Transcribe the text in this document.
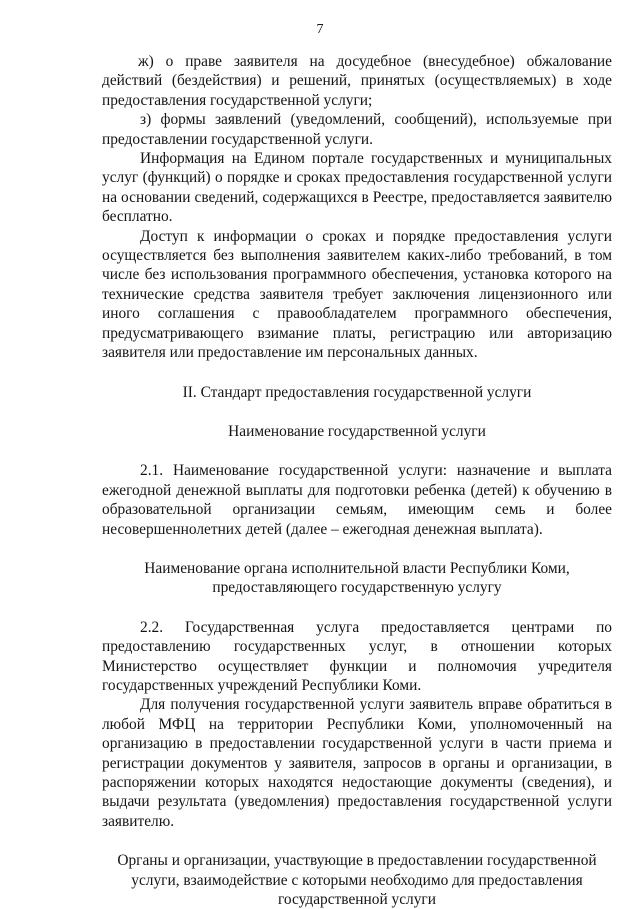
7

ж) о праве заявителя на досудебное (внесудебное) обжалование действий (бездействия) и решений, принятых (осуществляемых) в ходе предоставления государственной услуги;

з) формы заявлений (уведомлений, сообщений), используемые при предоставлении государственной услуги.

Информация на Едином портале государственных и муниципальных услуг (функций) о порядке и сроках предоставления государственной услуги на основании сведений, содержащихся в Реестре, предоставляется заявителю бесплатно.

Доступ к информации о сроках и порядке предоставления услуги осуществляется без выполнения заявителем каких-либо требований, в том числе без использования программного обеспечения, установка которого на технические средства заявителя требует заключения лицензионного или иного соглашения с правообладателем программного обеспечения, предусматривающего взимание платы, регистрацию или авторизацию заявителя или предоставление им персональных данных.

II. Стандарт предоставления государственной услуги

Наименование государственной услуги

2.1. Наименование государственной услуги: назначение и выплата ежегодной денежной выплаты для подготовки ребенка (детей) к обучению в образовательной организации семьям, имеющим семь и более несовершеннолетних детей (далее – ежегодная денежная выплата).

Наименование органа исполнительной власти Республики Коми,

предоставляющего государственную услугу

2.2. Государственная услуга предоставляется центрами по предоставлению государственных услуг, в отношении которых Министерство осуществляет функции и полномочия учредителя государственных учреждений Республики Коми.

Для получения государственной услуги заявитель вправе обратиться в любой МФЦ на территории Республики Коми, уполномоченный на организацию в предоставлении государственной услуги в части приема и регистрации документов у заявителя, запросов в органы и организации, в распоряжении которых находятся недостающие документы (сведения), и выдачи результата (уведомления) предоставления государственной услуги заявителю.

Органы и организации, участвующие в предоставлении государственной

услуги, взаимодействие с которыми необходимо для предоставления

государственной услуги
